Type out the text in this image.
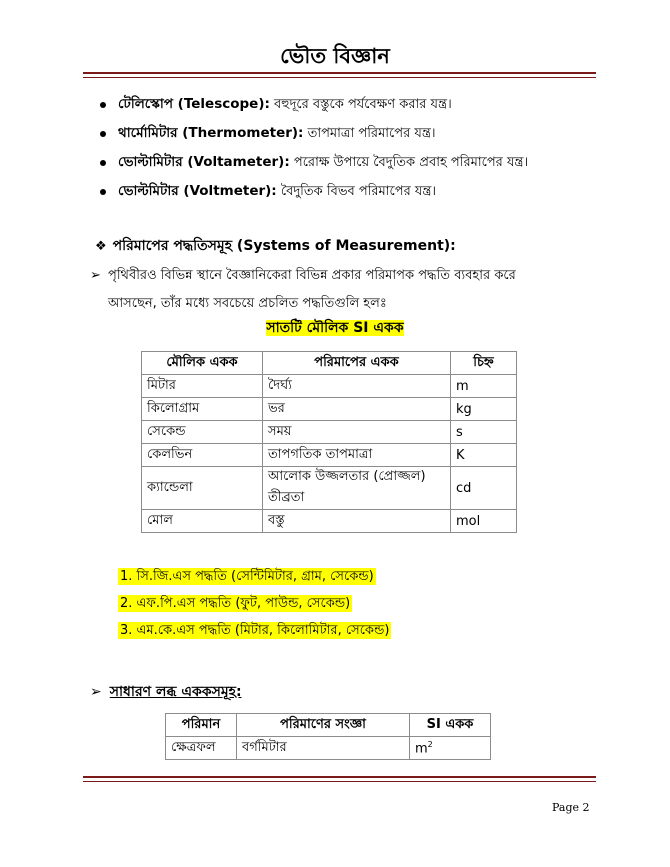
ভৌত বিজ্ঞান
টেলিস্কোপ (Telescope): বহুদূরে বস্তুকে পর্যবেক্ষণ করার যন্ত্র।
থার্মোমিটার (Thermometer): তাপমাত্রা পরিমাপের যন্ত্র।
ভোল্টামিটার (Voltameter): পরোক্ষ উপায়ে বৈদুতিক প্রবাহ পরিমাপের যন্ত্র।
ভোল্টমিটার (Voltmeter): বৈদুতিক বিভব পরিমাপের যন্ত্র।
❖ পরিমাপের পদ্ধতিসমূহ (Systems of Measurement):
➢ পৃথিবীরও বিভিন্ন স্থানে বৈজ্ঞানিকেরা বিভিন্ন প্রকার পরিমাপক পদ্ধতি ব্যবহার করে
আসছেন, তাঁর মধ্যে সবচেয়ে প্রচলিত পদ্ধতিগুলি হলঃ
সাতটি মৌলিক SI একক
মৌলিক একক	পরিমাপের একক	চিহ্ন
মিটার	দৈর্ঘ্য	m
কিলোগ্রাম	ভর	kg
সেকেন্ড	সময়	s
কেলভিন	তাপগতিক তাপমাত্রা	K
ক্যান্ডেলা	আলোক উজ্জলতার (প্রোজ্জল) তীব্রতা	cd
মোল	বস্তু	mol
1. সি.জি.এস পদ্ধতি (সেন্টিমিটার, গ্রাম, সেকেন্ড)
2. এফ.পি.এস পদ্ধতি (ফুট, পাউন্ড, সেকেন্ড)
3. এম.কে.এস পদ্ধতি (মিটার, কিলোমিটার, সেকেন্ড)
➢ সাধারণ লব্ধ এককসমূহ:
পরিমান	পরিমাণের সংজ্ঞা	SI একক
ক্ষেত্রফল	বর্গমিটার	$m^2$
Page 2
